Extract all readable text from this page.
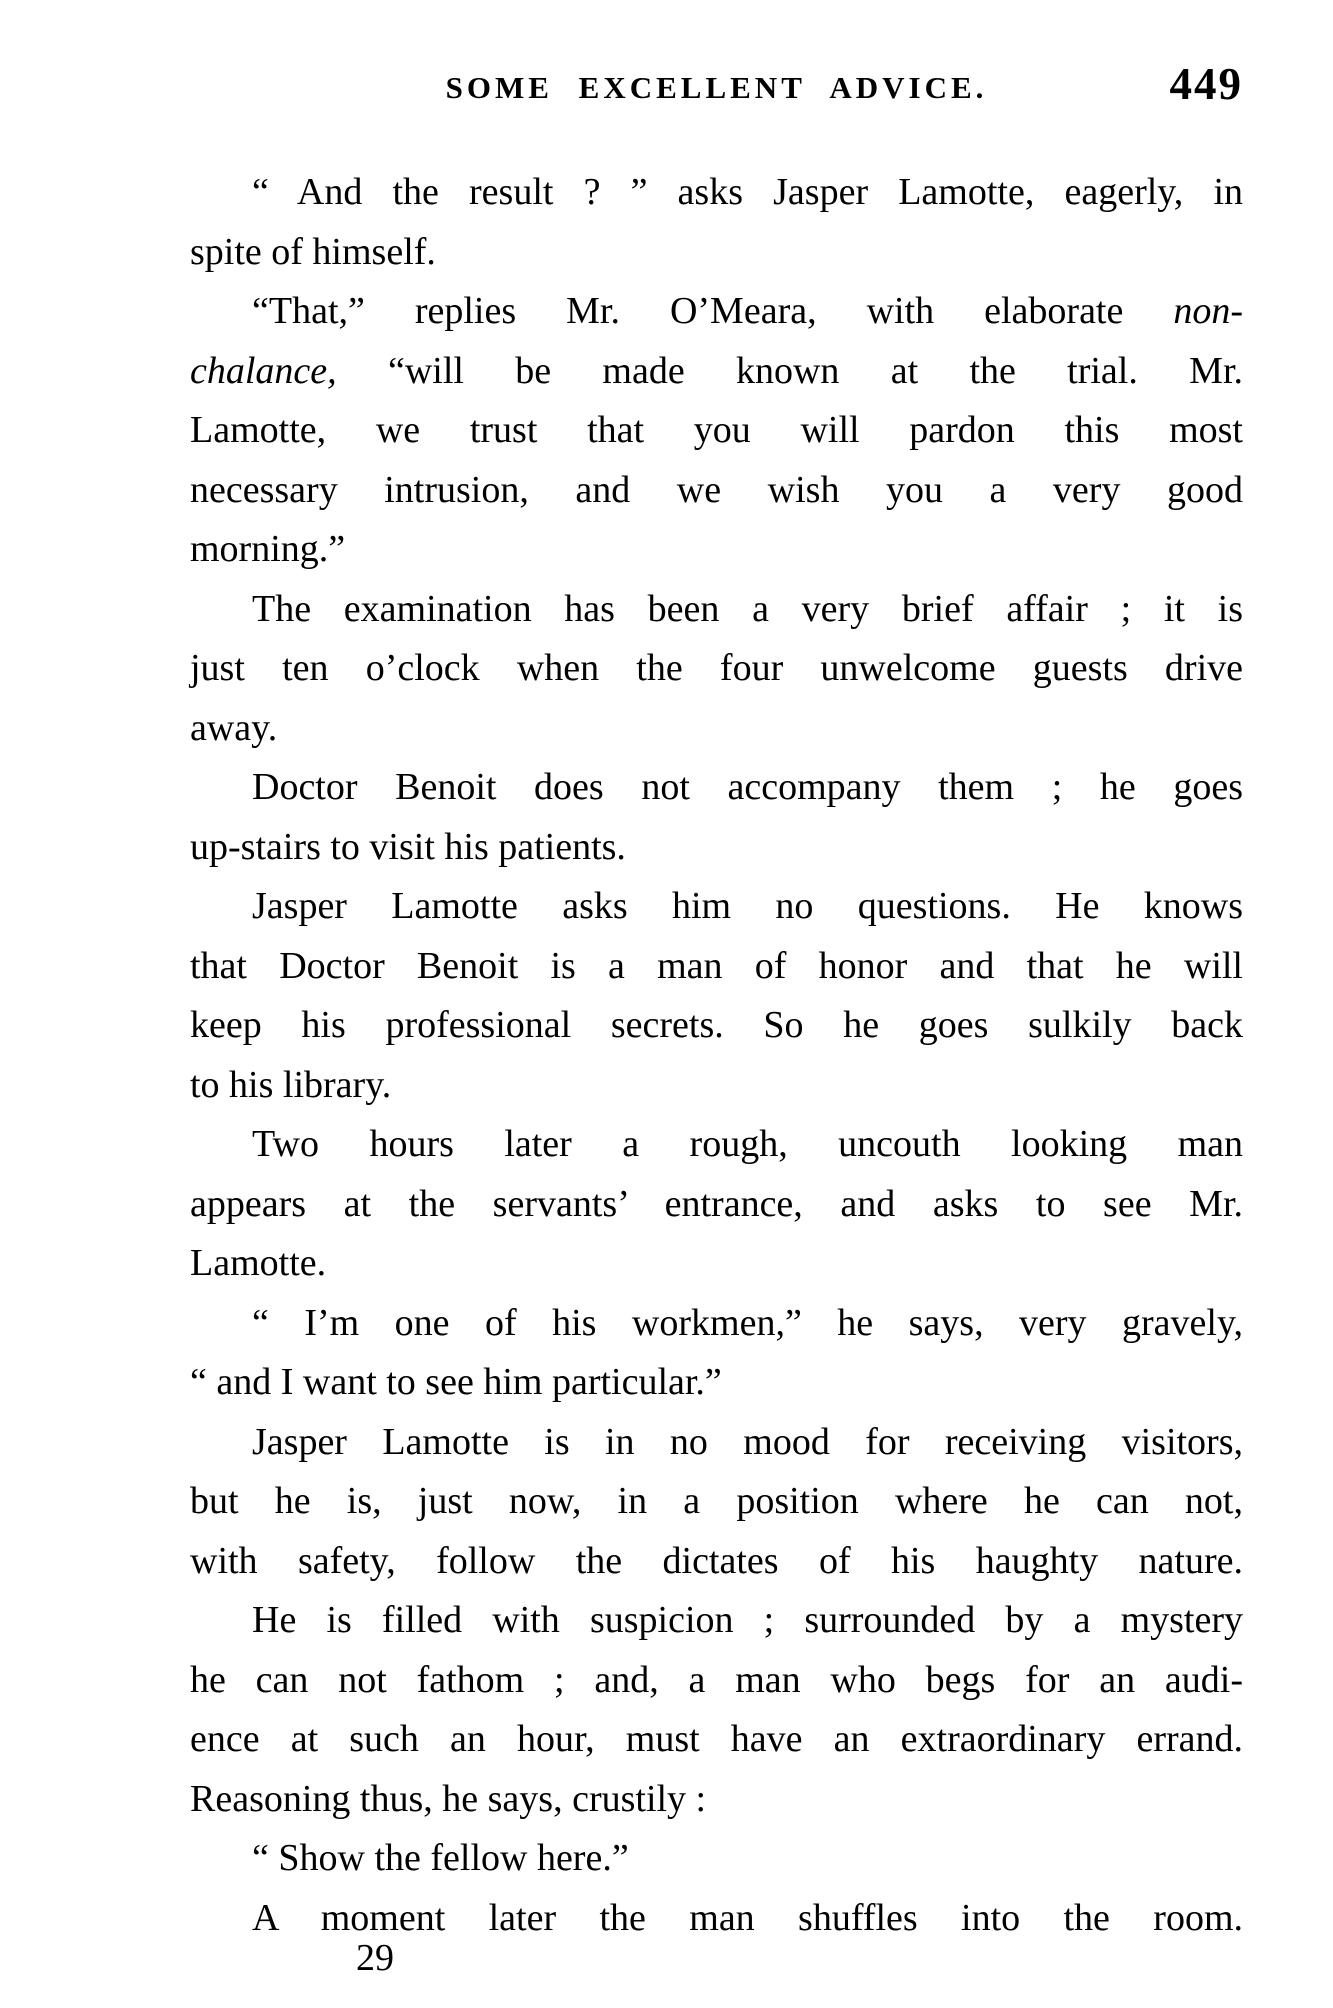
SOME EXCELLENT ADVICE.	449
“ And the result ? ” asks Jasper Lamotte, eagerly, in
spite of himself.
“That,” replies Mr. O’Meara, with elaborate non-
chalance, “will be made known at the trial. Mr.
Lamotte, we trust that you will pardon this most
necessary intrusion, and we wish you a very good
morning.”
The examination has been a very brief affair ; it is
just ten o’clock when the four unwelcome guests drive
away.
Doctor Benoit does not accompany them ; he goes
up-stairs to visit his patients.
Jasper Lamotte asks him no questions. He knows
that Doctor Benoit is a man of honor and that he will
keep his professional secrets. So he goes sulkily back
to his library.
Two hours later a rough, uncouth looking man
appears at the servants’ entrance, and asks to see Mr.
Lamotte.
“ I’m one of his workmen,” he says, very gravely,
“ and I want to see him particular.”
Jasper Lamotte is in no mood for receiving visitors,
but he is, just now, in a position where he can not,
with safety, follow the dictates of his haughty nature.
He is filled with suspicion ; surrounded by a mystery
he can not fathom ; and, a man who begs for an audi-
ence at such an hour, must have an extraordinary errand.
Reasoning thus, he says, crustily :
“ Show the fellow here.”
A moment later the man shuffles into the room.
29
